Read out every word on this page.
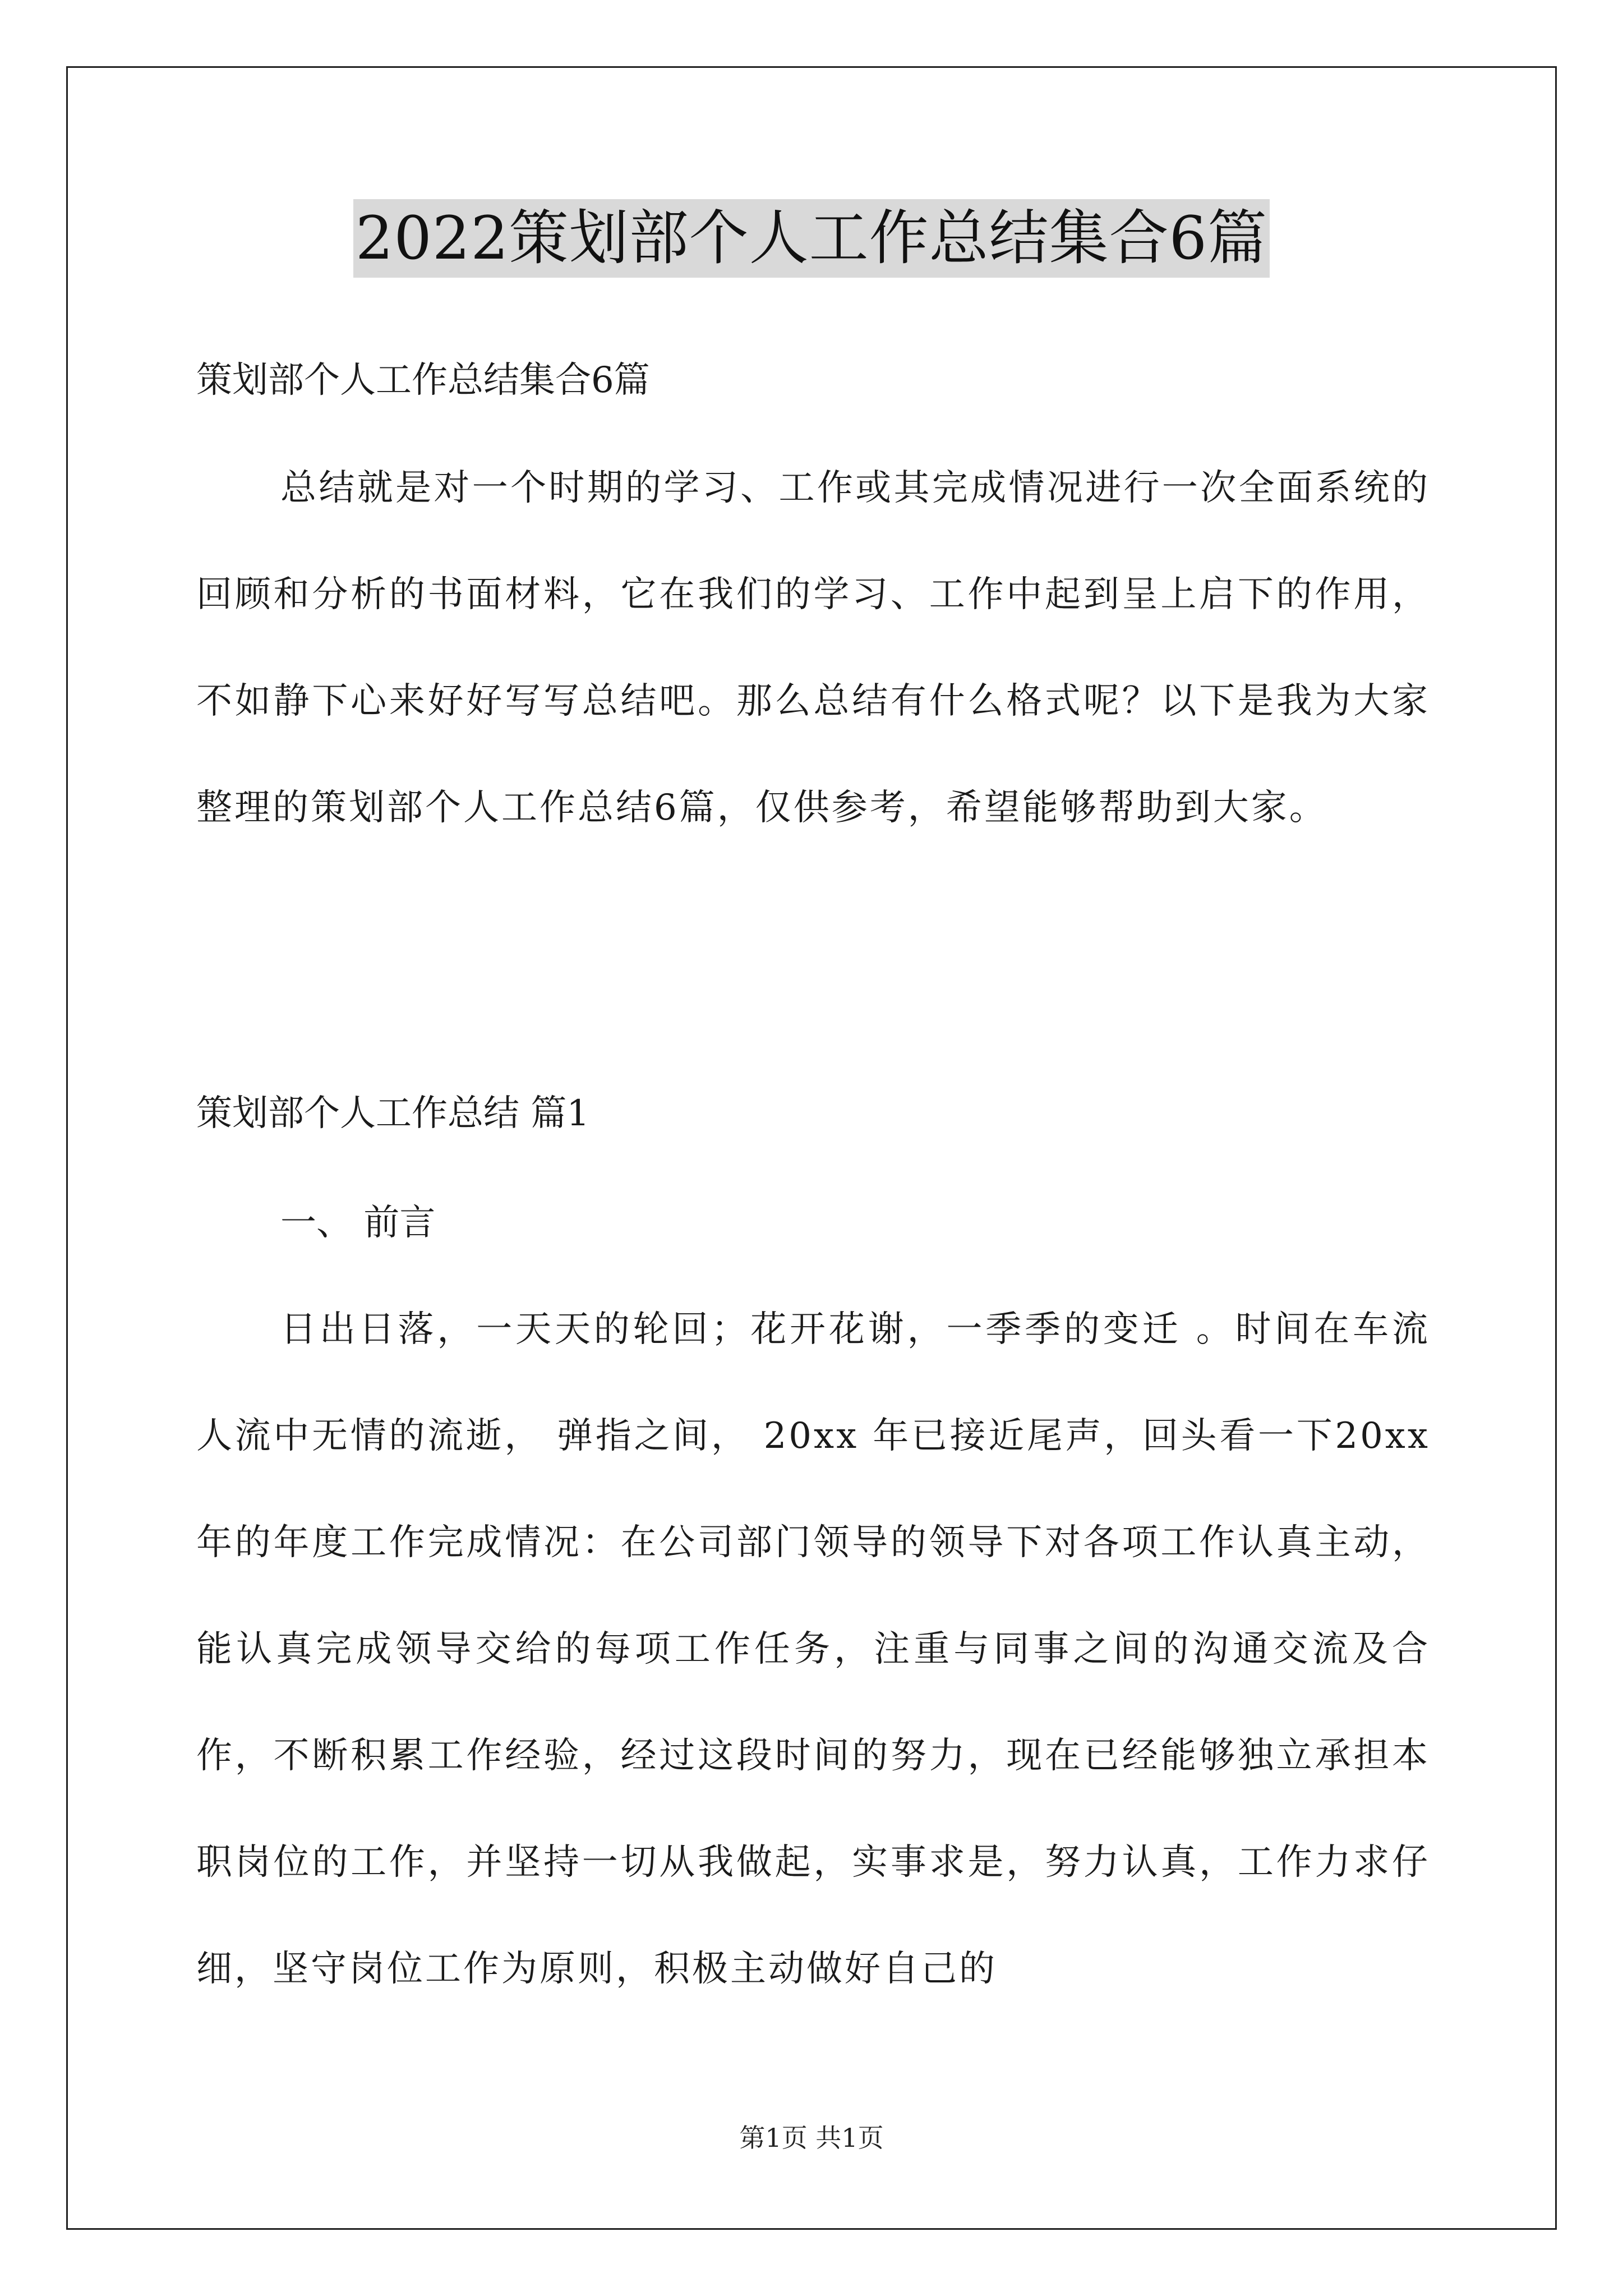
2022策划部个人工作总结集合6篇
策划部个人工作总结集合6篇
总结就是对一个时期的学习、工作或其完成情况进行一次全面系统的回顾和分析的书面材料，它在我们的学习、工作中起到呈上启下的作用，不如静下心来好好写写总结吧。那么总结有什么格式呢？以下是我为大家整理的策划部个人工作总结6篇，仅供参考，希望能够帮助到大家。
策划部个人工作总结 篇1
一、 前言
日出日落，一天天的轮回；花开花谢，一季季的变迁 。时间在车流人流中无情的流逝， 弹指之间， 20xx 年已接近尾声，回头看一下20xx年的年度工作完成情况：在公司部门领导的领导下对各项工作认真主动，能认真完成领导交给的每项工作任务，注重与同事之间的沟通交流及合作，不断积累工作经验，经过这段时间的努力，现在已经能够独立承担本职岗位的工作，并坚持一切从我做起，实事求是，努力认真，工作力求仔细，坚守岗位工作为原则，积极主动做好自己的
第1页 共1页
